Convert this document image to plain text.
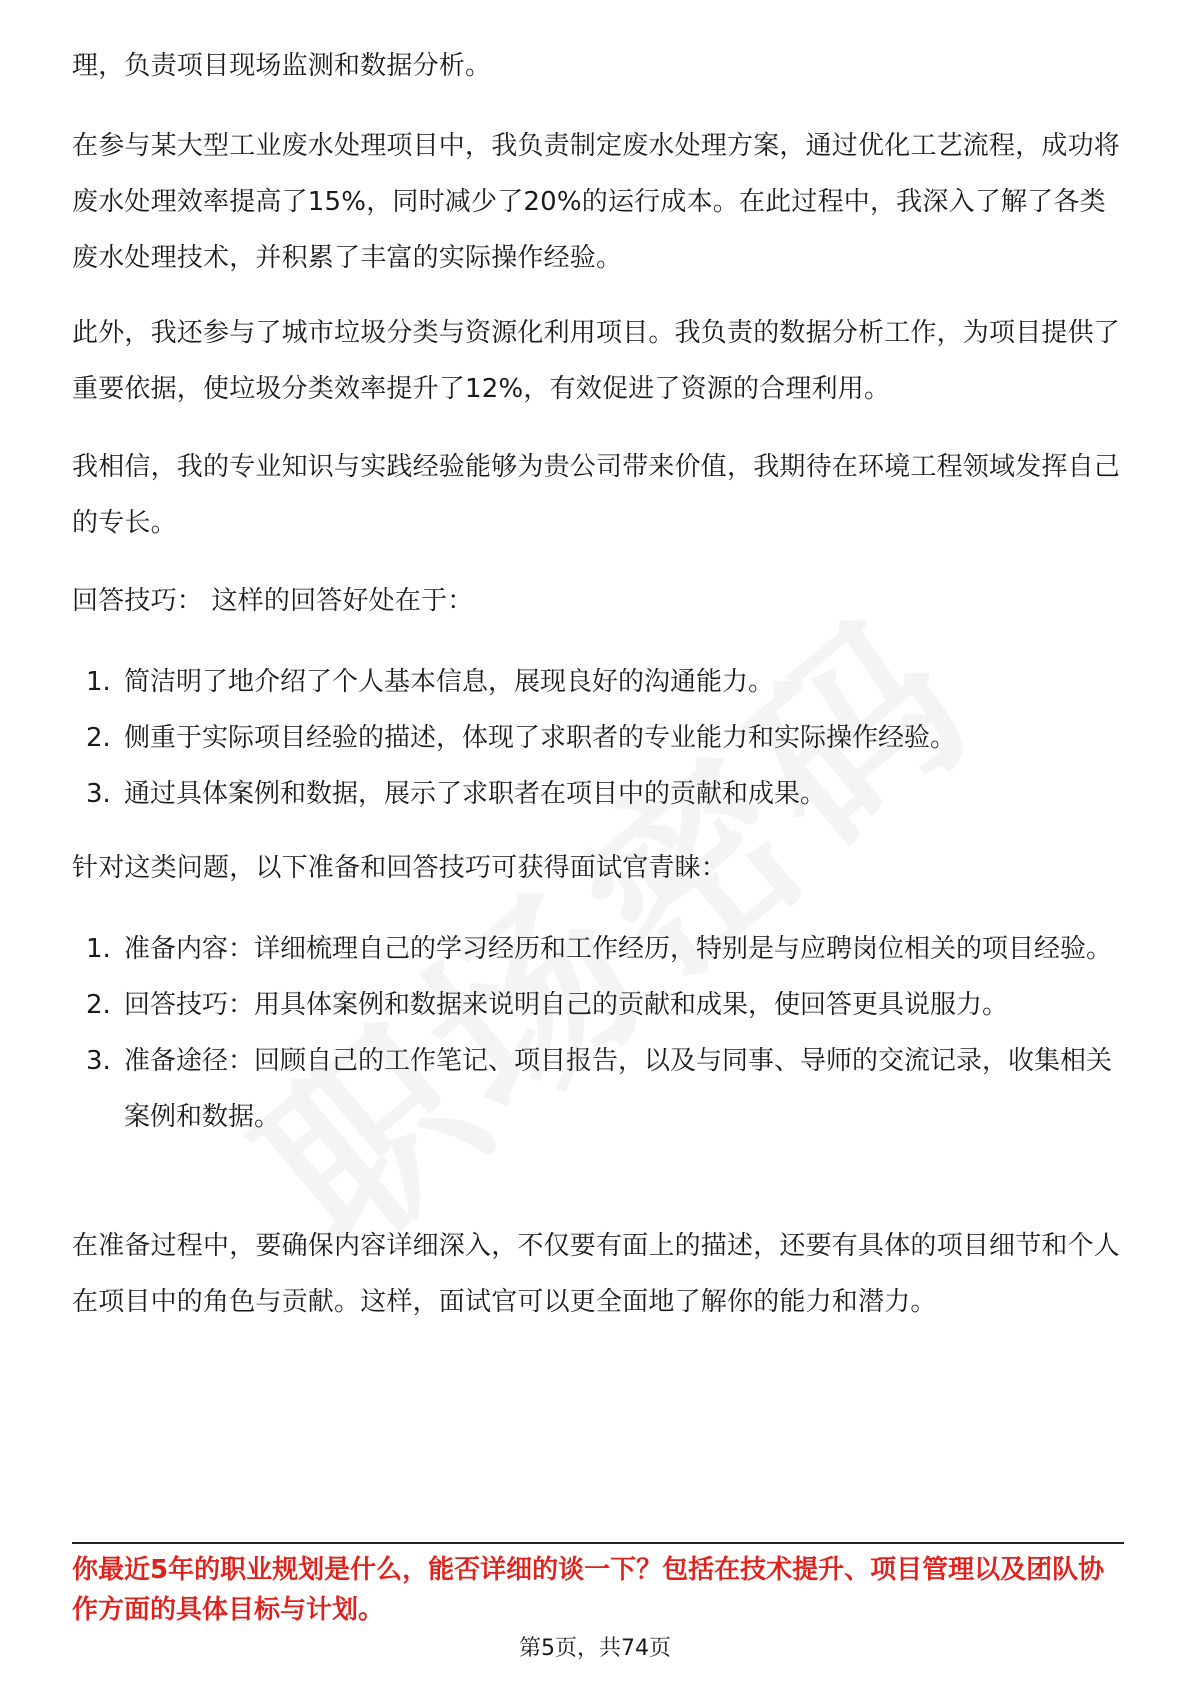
理，负责项目现场监测和数据分析。

在参与某大型工业废水处理项目中，我负责制定废水处理方案，通过优化工艺流程，成功将废水处理效率提高了15%，同时减少了20%的运行成本。在此过程中，我深入了解了各类废水处理技术，并积累了丰富的实际操作经验。

此外，我还参与了城市垃圾分类与资源化利用项目。我负责的数据分析工作，为项目提供了重要依据，使垃圾分类效率提升了12%，有效促进了资源的合理利用。

我相信，我的专业知识与实践经验能够为贵公司带来价值，我期待在环境工程领域发挥自己的专长。

回答技巧： 这样的回答好处在于：

1. 简洁明了地介绍了个人基本信息，展现良好的沟通能力。
2. 侧重于实际项目经验的描述，体现了求职者的专业能力和实际操作经验。
3. 通过具体案例和数据，展示了求职者在项目中的贡献和成果。

针对这类问题，以下准备和回答技巧可获得面试官青睐：

1. 准备内容：详细梳理自己的学习经历和工作经历，特别是与应聘岗位相关的项目经验。
2. 回答技巧：用具体案例和数据来说明自己的贡献和成果，使回答更具说服力。
3. 准备途径：回顾自己的工作笔记、项目报告，以及与同事、导师的交流记录，收集相关案例和数据。

在准备过程中，要确保内容详细深入，不仅要有面上的描述，还要有具体的项目细节和个人在项目中的角色与贡献。这样，面试官可以更全面地了解你的能力和潜力。

你最近5年的职业规划是什么，能否详细的谈一下？包括在技术提升、项目管理以及团队协作方面的具体目标与计划。

第5页，共74页
